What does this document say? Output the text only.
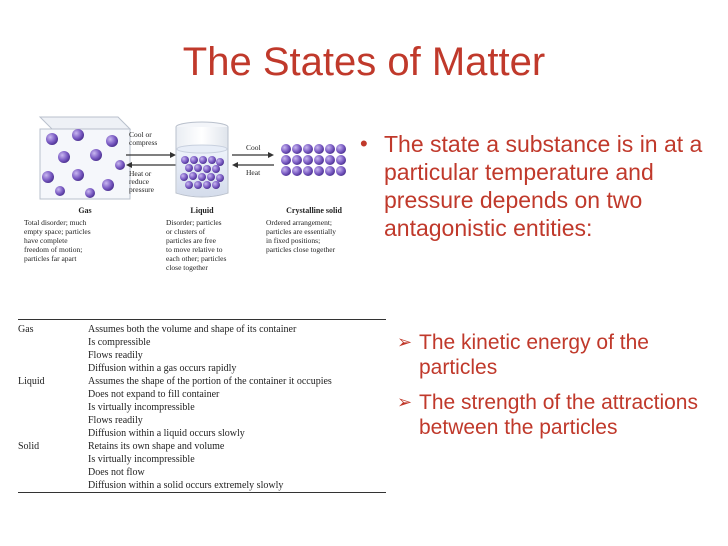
The States of Matter
Cool or compress
Heat or reduce pressure
Cool
Heat
Gas	Liquid	Crystalline solid
Total disorder; much empty space; particles have complete freedom of motion; particles far apart
Disorder; particles or clusters of particles are free to move relative to each other; particles close together
Ordered arrangement; particles are essentially in fixed positions; particles close together
Gas	Assumes both the volume and shape of its container
Is compressible
Flows readily
Diffusion within a gas occurs rapidly
Liquid	Assumes the shape of the portion of the container it occupies
Does not expand to fill container
Is virtually incompressible
Flows readily
Diffusion within a liquid occurs slowly
Solid	Retains its own shape and volume
Is virtually incompressible
Does not flow
Diffusion within a solid occurs extremely slowly
• The state a substance is in at a particular temperature and pressure depends on two antagonistic entities:
➢ The kinetic energy of the particles
➢ The strength of the attractions between the particles
